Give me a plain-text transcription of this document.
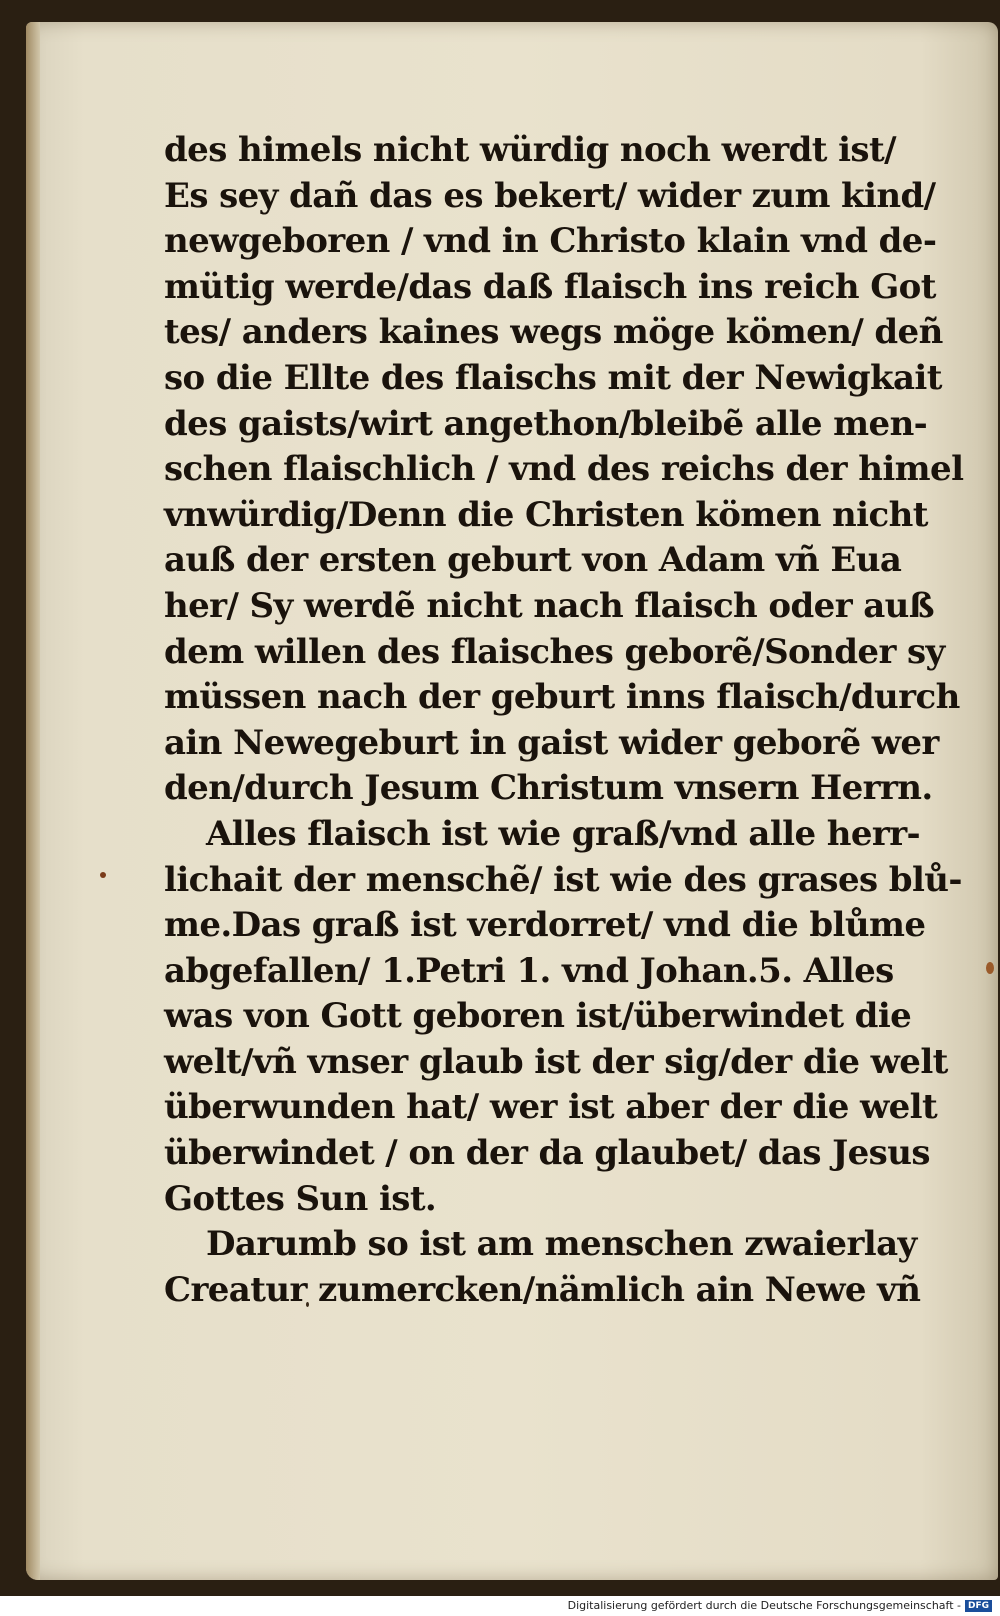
des himels nicht würdig noch werdt ist/
Es sey dañ das es bekert/ wider zum kind/
newgeboren / vnd in Christo klain vnd de-
mütig werde/das daß flaisch ins reich Got
tes/ anders kaines wegs möge kömen/ deñ
so die Ellte des flaischs mit der Newigkait
des gaists/wirt angethon/bleibẽ alle men-
schen flaischlich / vnd des reichs der himel
vnwürdig/Denn die Christen kömen nicht
auß der ersten geburt von Adam vñ Eua
her/ Sy werdẽ nicht nach flaisch oder auß
dem willen des flaisches geborẽ/Sonder sy
müssen nach der geburt inns flaisch/durch
ain Newegeburt in gaist wider geborẽ wer
den/durch Jesum Christum vnsern Herrn.
Alles flaisch ist wie graß/vnd alle herr-
lichait der menschẽ/ ist wie des grases blů-
me.Das graß ist verdorret/ vnd die blůme
abgefallen/ 1.Petri 1. vnd Johan.5. Alles
was von Gott geboren ist/überwindet die
welt/vñ vnser glaub ist der sig/der die welt
überwunden hat/ wer ist aber der die welt
überwindet / on der da glaubet/ das Jesus
Gottes Sun ist.
Darumb so ist am menschen zwaierlay
Creatur zumercken/nämlich ain Newe vñ
Digitalisierung gefördert durch die Deutsche Forschungsgemeinschaft - DFG
